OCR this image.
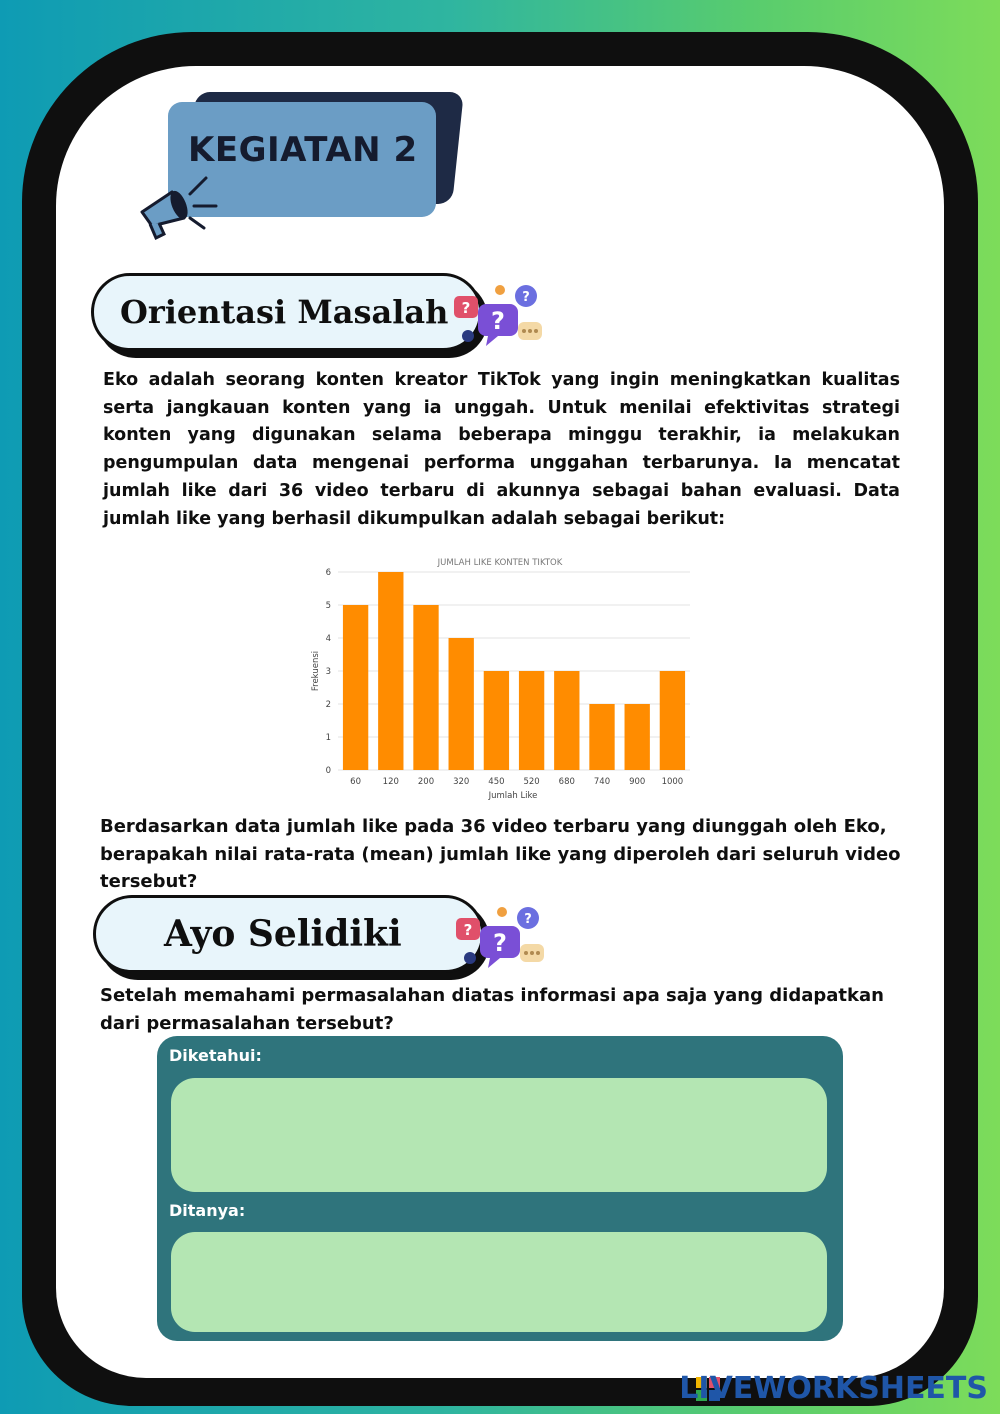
KEGIATAN 2
Orientasi Masalah ? ?
?
Eko adalah seorang konten kreator TikTok yang ingin meningkatkan kualitas serta jangkauan konten yang ia unggah. Untuk menilai efektivitas strategi konten yang digunakan selama beberapa minggu terakhir, ia melakukan pengumpulan data mengenai performa unggahan terbarunya. Ia mencatat jumlah like dari 36 video terbaru di akunnya sebagai bahan evaluasi. Data jumlah like yang berhasil dikumpulkan adalah sebagai berikut:
JUMLAH LIKE KONTEN TIKTOK
Frekuensi
Jumlah Like
0
1
2
3
4
5
6
60	120 200 320 450 520 680 740 900 1000
Berdasarkan data jumlah like pada 36 video terbaru yang diunggah oleh Eko, berapakah nilai rata-rata (mean) jumlah like yang diperoleh dari seluruh video tersebut?
Ayo Selidiki	? ?
?
Setelah memahami permasalahan diatas informasi apa saja yang didapatkan dari permasalahan tersebut?
Diketahui:
Ditanya:
LIVEWORKSHEETS
